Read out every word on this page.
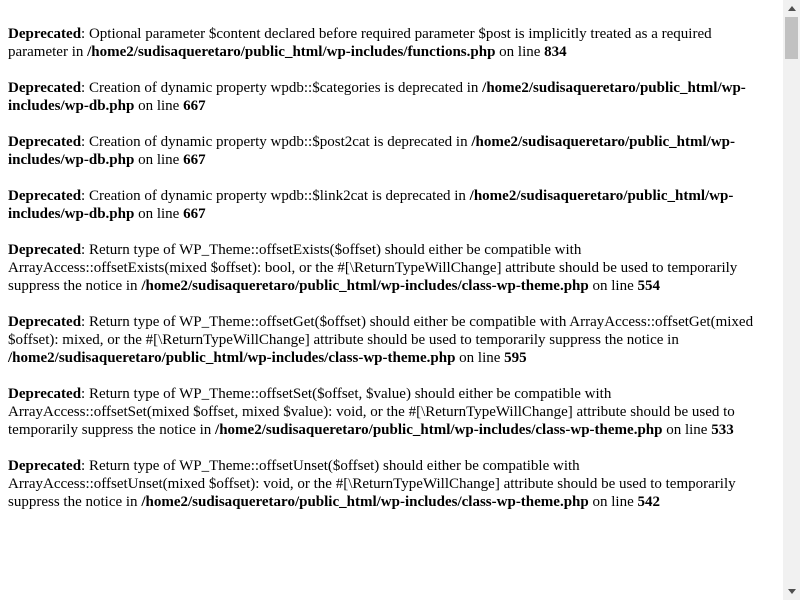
Deprecated: Optional parameter $content declared before required parameter $post is implicitly treated as a required parameter in /home2/sudisaqueretaro/public_html/wp-includes/functions.php on line 834
Deprecated: Creation of dynamic property wpdb::$categories is deprecated in /home2/sudisaqueretaro/public_html/wp-includes/wp-db.php on line 667
Deprecated: Creation of dynamic property wpdb::$post2cat is deprecated in /home2/sudisaqueretaro/public_html/wp-includes/wp-db.php on line 667
Deprecated: Creation of dynamic property wpdb::$link2cat is deprecated in /home2/sudisaqueretaro/public_html/wp-includes/wp-db.php on line 667
Deprecated: Return type of WP_Theme::offsetExists($offset) should either be compatible with ArrayAccess::offsetExists(mixed $offset): bool, or the #[\ReturnTypeWillChange] attribute should be used to temporarily suppress the notice in /home2/sudisaqueretaro/public_html/wp-includes/class-wp-theme.php on line 554
Deprecated: Return type of WP_Theme::offsetGet($offset) should either be compatible with ArrayAccess::offsetGet(mixed $offset): mixed, or the #[\ReturnTypeWillChange] attribute should be used to temporarily suppress the notice in /home2/sudisaqueretaro/public_html/wp-includes/class-wp-theme.php on line 595
Deprecated: Return type of WP_Theme::offsetSet($offset, $value) should either be compatible with ArrayAccess::offsetSet(mixed $offset, mixed $value): void, or the #[\ReturnTypeWillChange] attribute should be used to temporarily suppress the notice in /home2/sudisaqueretaro/public_html/wp-includes/class-wp-theme.php on line 533
Deprecated: Return type of WP_Theme::offsetUnset($offset) should either be compatible with ArrayAccess::offsetUnset(mixed $offset): void, or the #[\ReturnTypeWillChange] attribute should be used to temporarily suppress the notice in /home2/sudisaqueretaro/public_html/wp-includes/class-wp-theme.php on line 542
